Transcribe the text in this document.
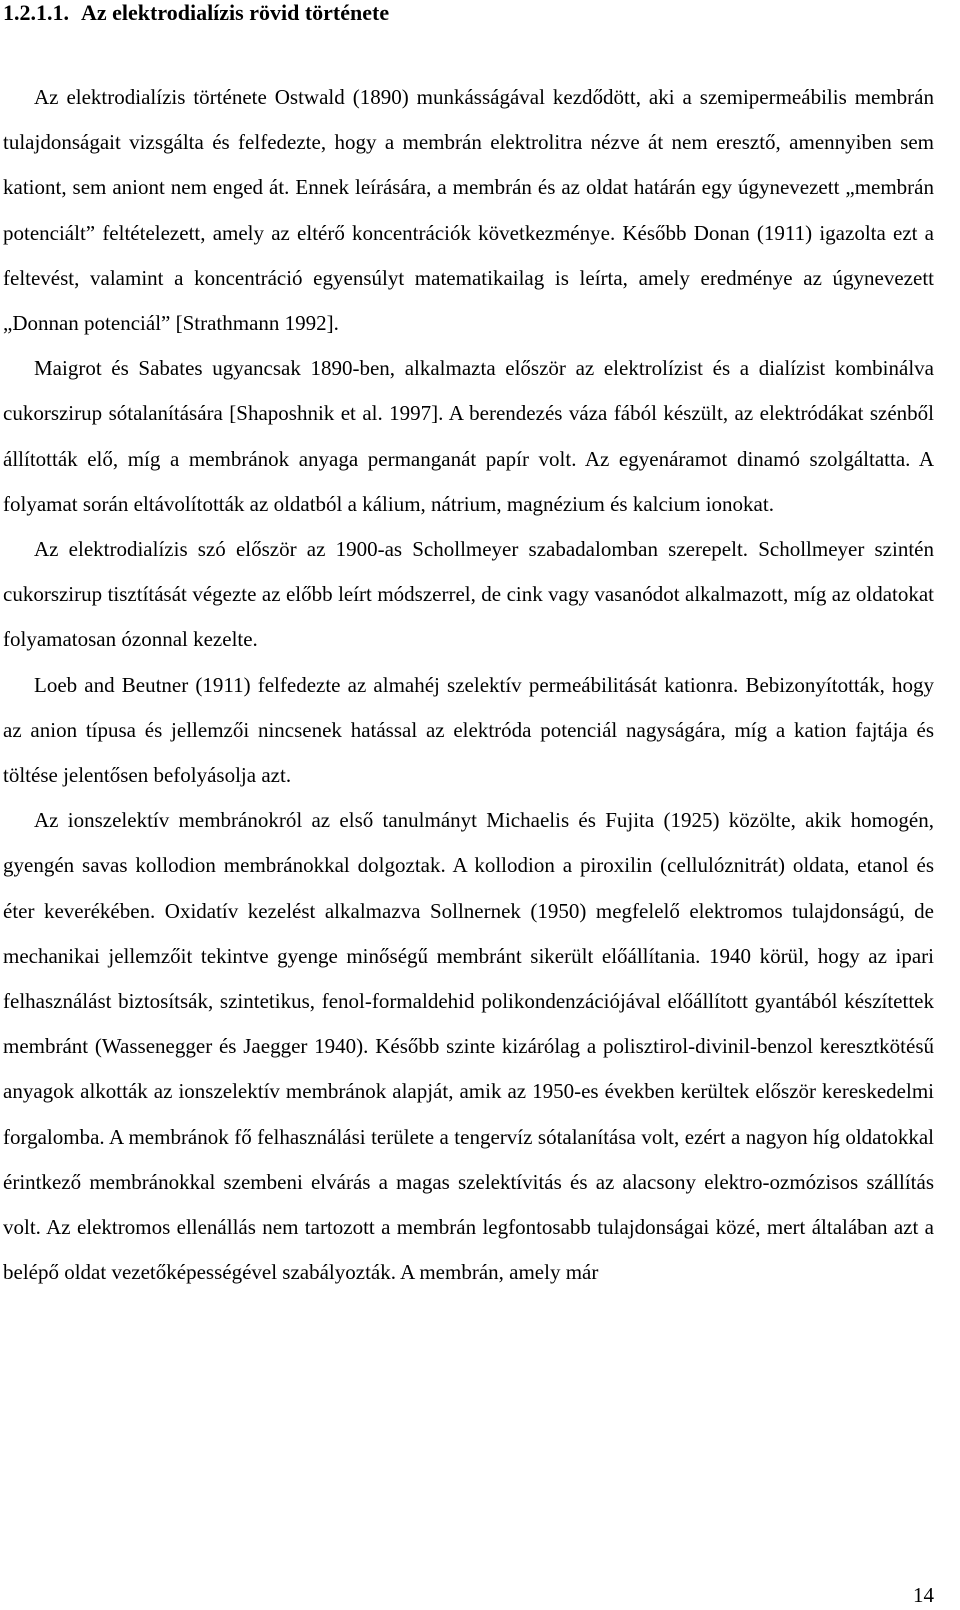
1.2.1.1. Az elektrodialízis rövid története

Az elektrodialízis története Ostwald (1890) munkásságával kezdődött, aki a szemipermeábilis membrán tulajdonságait vizsgálta és felfedezte, hogy a membrán elektrolitra nézve át nem eresztő, amennyiben sem kationt, sem aniont nem enged át. Ennek leírására, a membrán és az oldat határán egy úgynevezett „membrán potenciált” feltételezett, amely az eltérő koncentrációk következménye. Később Donan (1911) igazolta ezt a feltevést, valamint a koncentráció egyensúlyt matematikailag is leírta, amely eredménye az úgynevezett „Donnan potenciál” [Strathmann 1992].

Maigrot és Sabates ugyancsak 1890-ben, alkalmazta először az elektrolízist és a dialízist kombinálva cukorszirup sótalanítására [Shaposhnik et al. 1997]. A berendezés váza fából készült, az elektródákat szénből állították elő, míg a membránok anyaga permanganát papír volt. Az egyenáramot dinamó szolgáltatta. A folyamat során eltávolították az oldatból a kálium, nátrium, magnézium és kalcium ionokat.

Az elektrodialízis szó először az 1900-as Schollmeyer szabadalomban szerepelt. Schollmeyer szintén cukorszirup tisztítását végezte az előbb leírt módszerrel, de cink vagy vasanódot alkalmazott, míg az oldatokat folyamatosan ózonnal kezelte.

Loeb and Beutner (1911) felfedezte az almahéj szelektív permeábilitását kationra. Bebizonyították, hogy az anion típusa és jellemzői nincsenek hatással az elektróda potenciál nagyságára, míg a kation fajtája és töltése jelentősen befolyásolja azt.

Az ionszelektív membránokról az első tanulmányt Michaelis és Fujita (1925) közölte, akik homogén, gyengén savas kollodion membránokkal dolgoztak. A kollodion a piroxilin (cellulóznitrát) oldata, etanol és éter keverékében. Oxidatív kezelést alkalmazva Sollnernek (1950) megfelelő elektromos tulajdonságú, de mechanikai jellemzőit tekintve gyenge minőségű membránt sikerült előállítania. 1940 körül, hogy az ipari felhasználást biztosítsák, szintetikus, fenol-formaldehid polikondenzációjával előállított gyantából készítettek membránt (Wassenegger és Jaegger 1940). Később szinte kizárólag a polisztirol-divinil-benzol keresztkötésű anyagok alkották az ionszelektív membránok alapját, amik az 1950-es években kerültek először kereskedelmi forgalomba. A membránok fő felhasználási területe a tengervíz sótalanítása volt, ezért a nagyon híg oldatokkal érintkező membránokkal szembeni elvárás a magas szelektívitás és az alacsony elektro-ozmózisos szállítás volt. Az elektromos ellenállás nem tartozott a membrán legfontosabb tulajdonságai közé, mert általában azt a belépő oldat vezetőképességével szabályozták. A membrán, amely már

14
